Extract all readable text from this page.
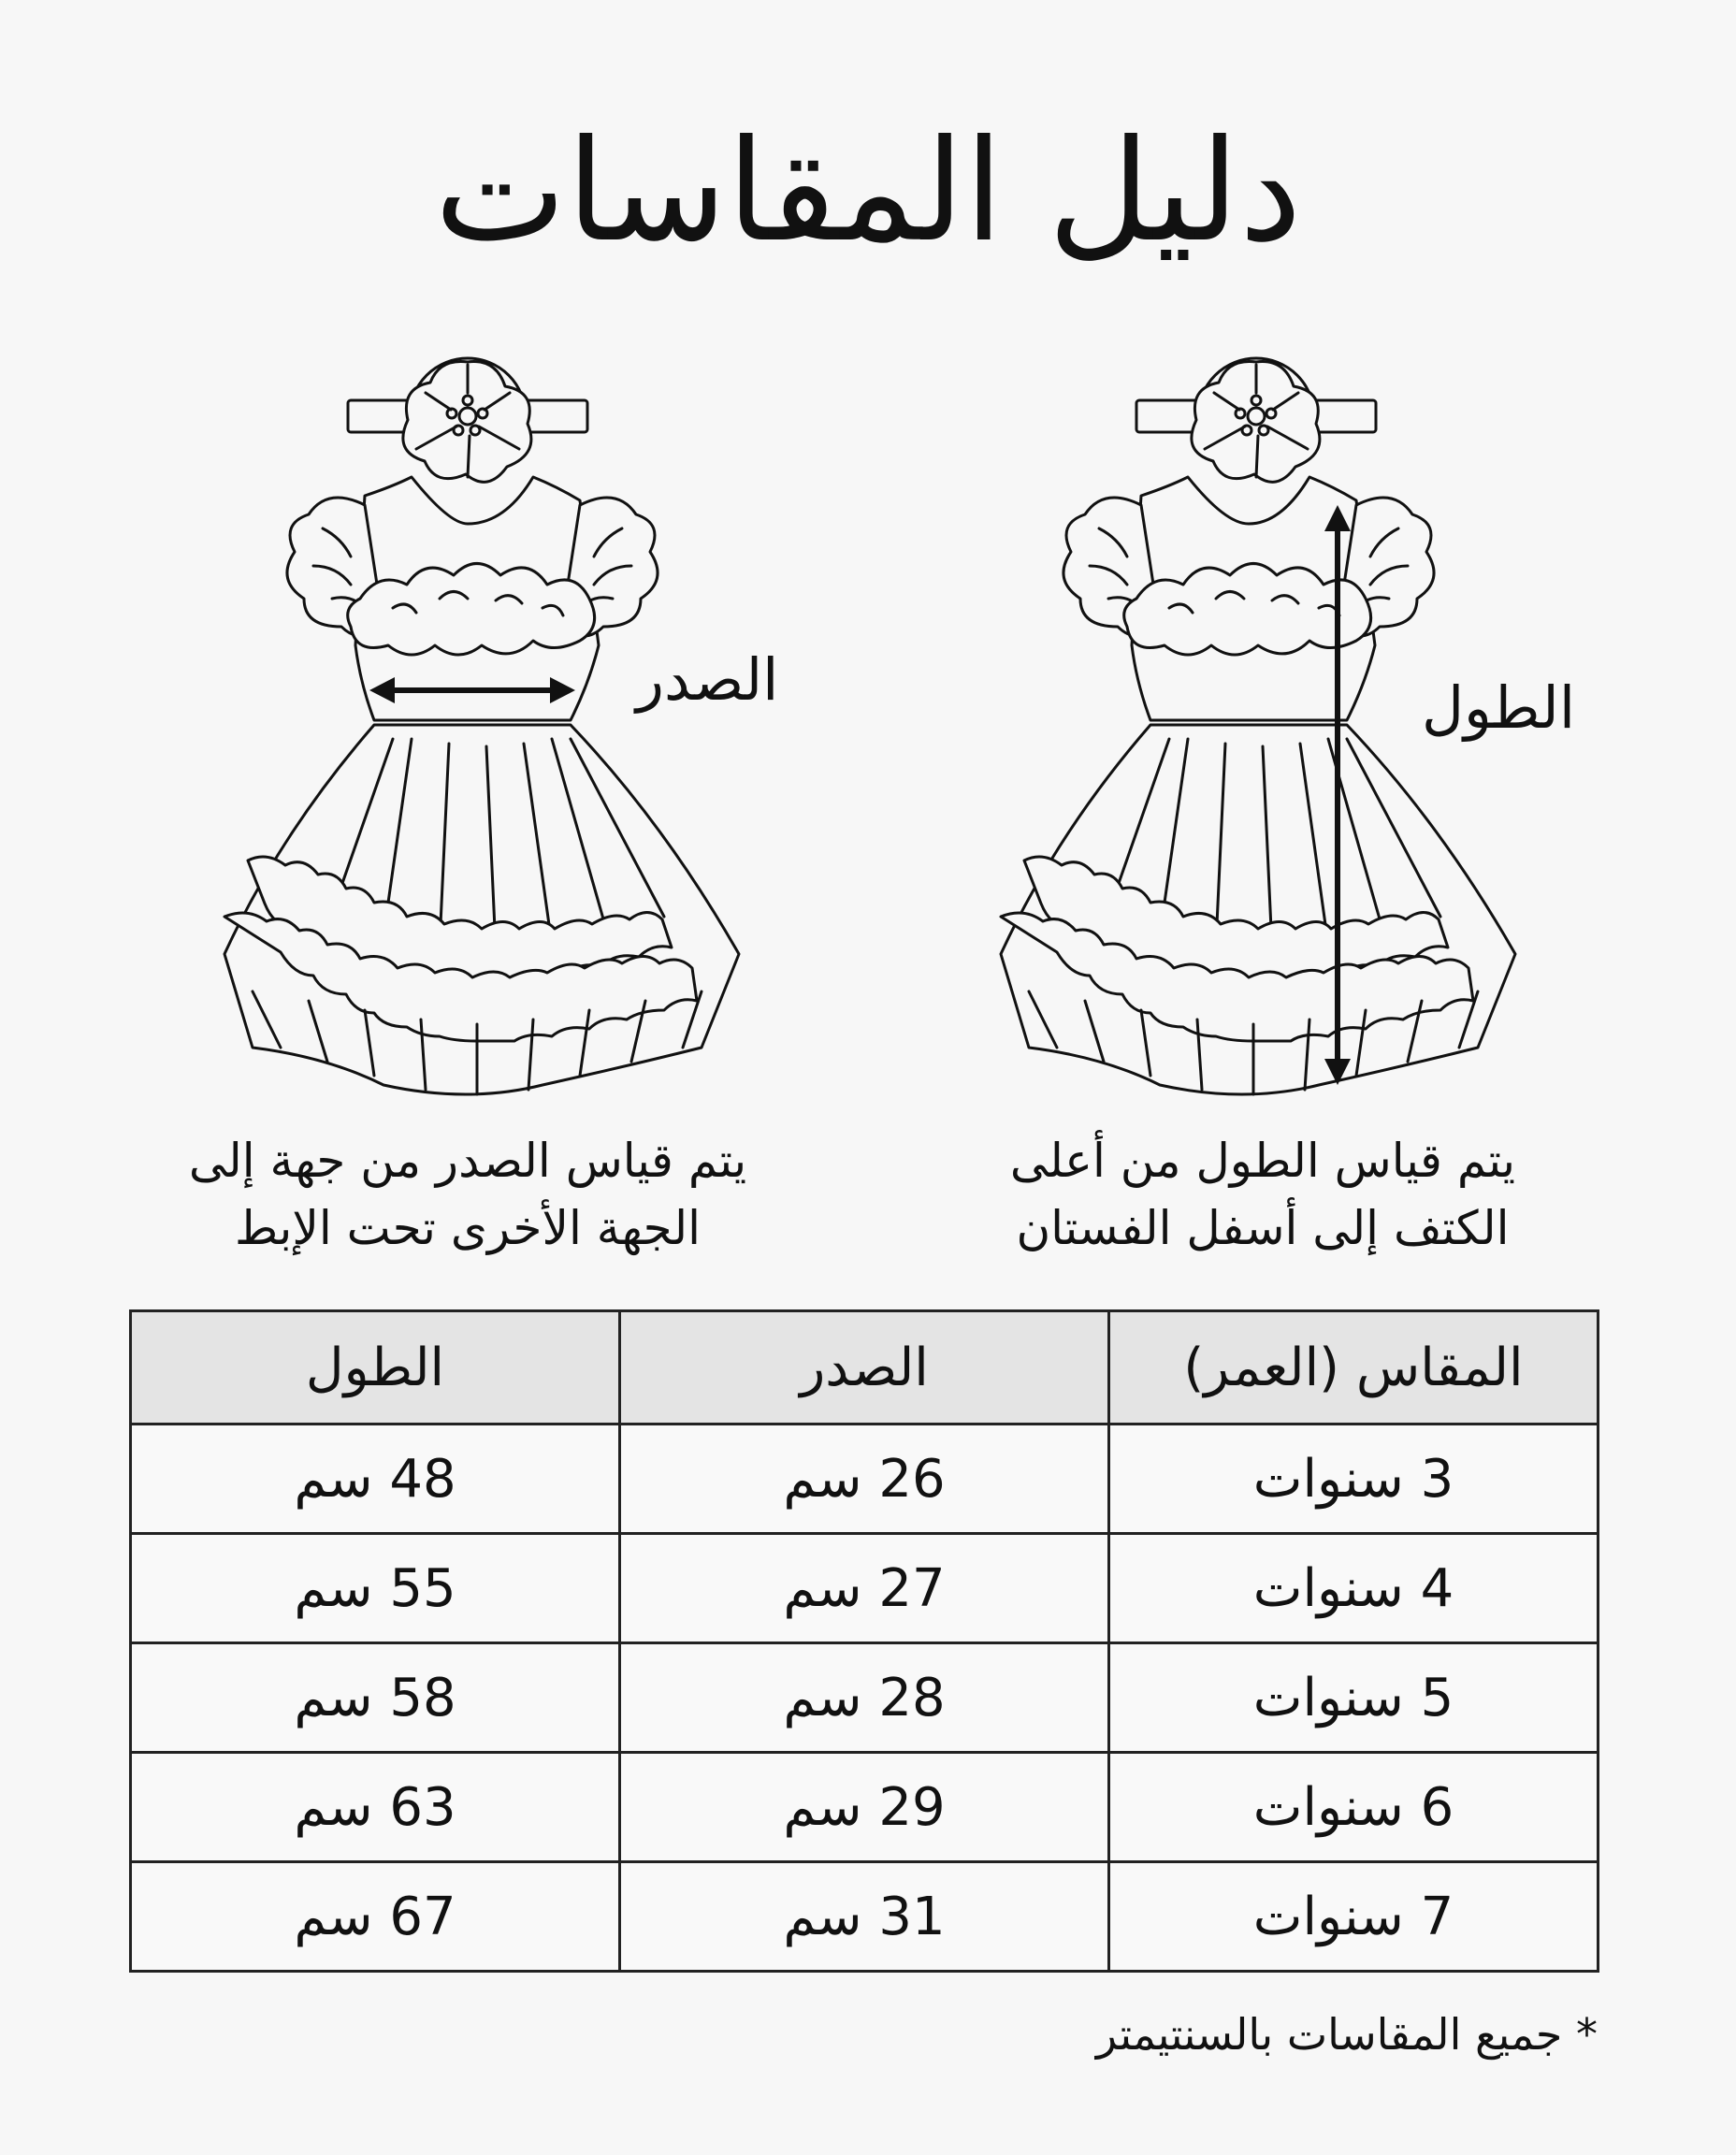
دليل المقاسات
الصدر	الطول
يتم قياس الصدر من جهة إلى
الجهة الأخرى تحت الإبط
يتم قياس الطول من أعلى
الكتف إلى أسفل الفستان
المقاس (العمر)	الصدر	الطول
3 سنوات	26 سم	48 سم
4 سنوات	27 سم	55 سم
5 سنوات	28 سم	58 سم
6 سنوات	29 سم	63 سم
7 سنوات	31 سم	67 سم
* جميع المقاسات بالسنتيمتر
